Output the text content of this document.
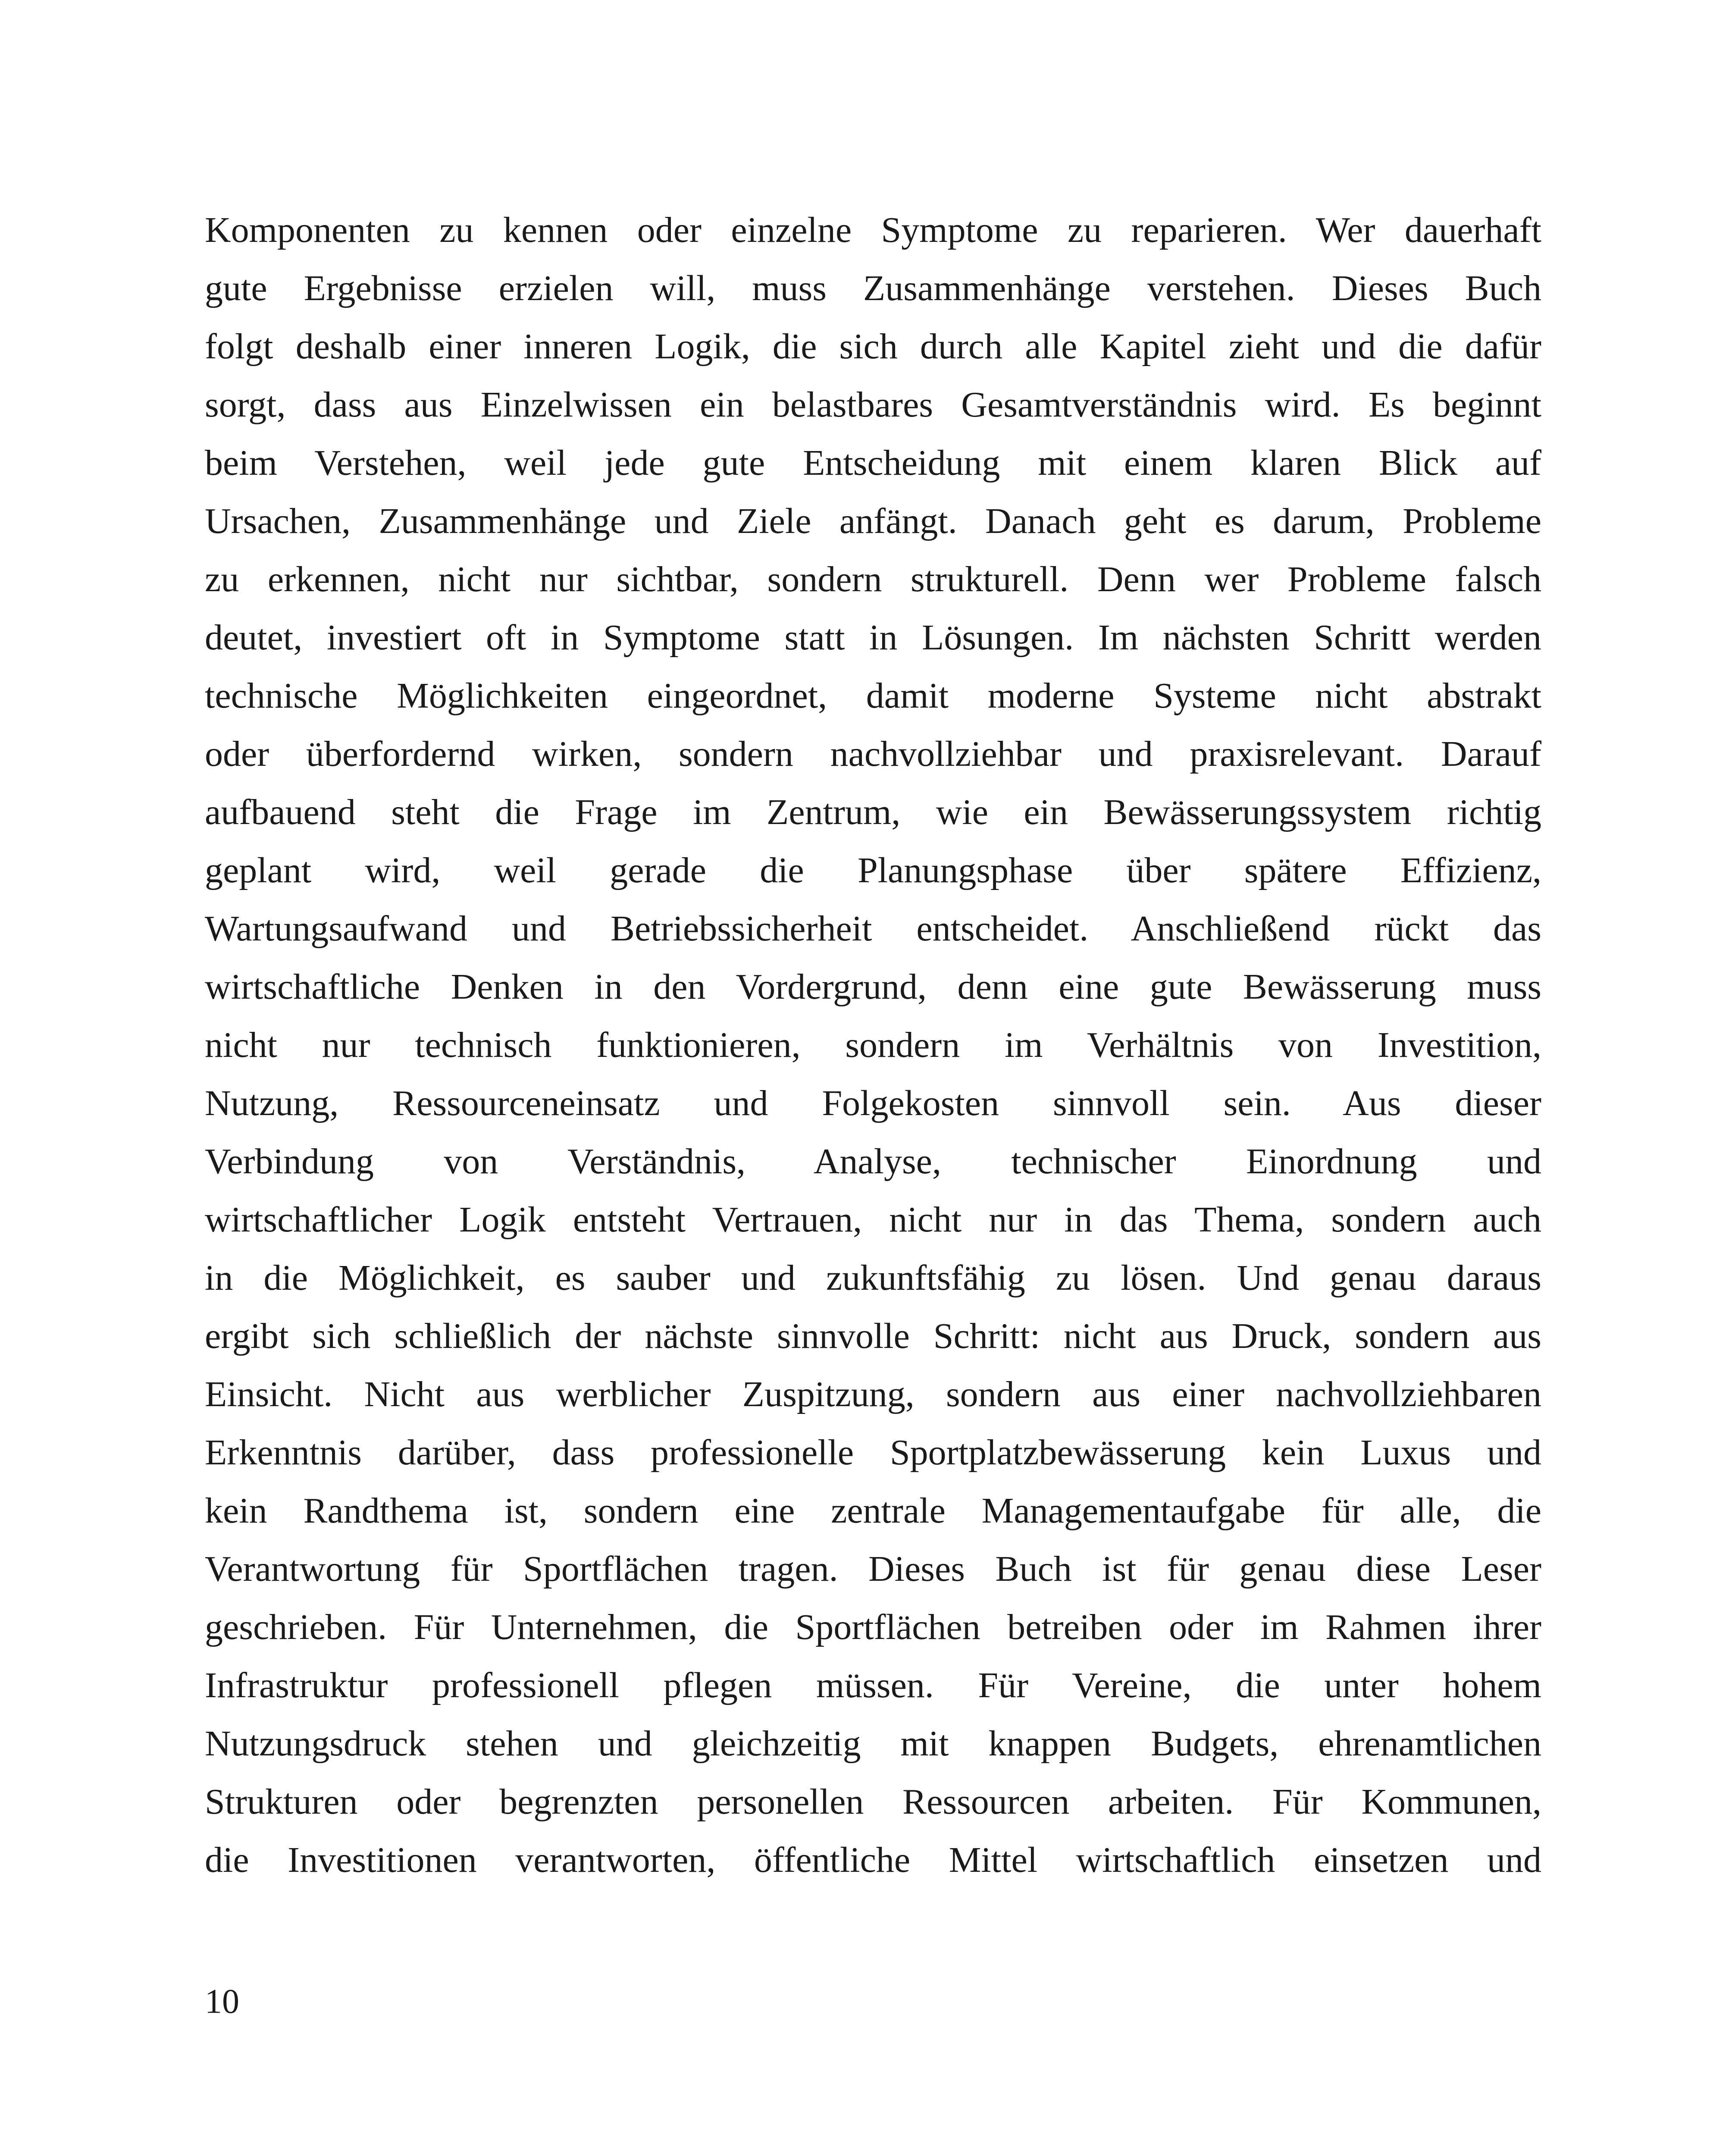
Komponenten zu kennen oder einzelne Symptome zu reparieren. Wer dauerhaft
gute Ergebnisse erzielen will, muss Zusammenhänge verstehen. Dieses Buch
folgt deshalb einer inneren Logik, die sich durch alle Kapitel zieht und die dafür
sorgt, dass aus Einzelwissen ein belastbares Gesamtverständnis wird. Es beginnt
beim Verstehen, weil jede gute Entscheidung mit einem klaren Blick auf
Ursachen, Zusammenhänge und Ziele anfängt. Danach geht es darum, Probleme
zu erkennen, nicht nur sichtbar, sondern strukturell. Denn wer Probleme falsch
deutet, investiert oft in Symptome statt in Lösungen. Im nächsten Schritt werden
technische Möglichkeiten eingeordnet, damit moderne Systeme nicht abstrakt
oder überfordernd wirken, sondern nachvollziehbar und praxisrelevant. Darauf
aufbauend steht die Frage im Zentrum, wie ein Bewässerungssystem richtig
geplant wird, weil gerade die Planungsphase über spätere Effizienz,
Wartungsaufwand und Betriebssicherheit entscheidet. Anschließend rückt das
wirtschaftliche Denken in den Vordergrund, denn eine gute Bewässerung muss
nicht nur technisch funktionieren, sondern im Verhältnis von Investition,
Nutzung, Ressourceneinsatz und Folgekosten sinnvoll sein. Aus dieser
Verbindung von Verständnis, Analyse, technischer Einordnung und
wirtschaftlicher Logik entsteht Vertrauen, nicht nur in das Thema, sondern auch
in die Möglichkeit, es sauber und zukunftsfähig zu lösen. Und genau daraus
ergibt sich schließlich der nächste sinnvolle Schritt: nicht aus Druck, sondern aus
Einsicht. Nicht aus werblicher Zuspitzung, sondern aus einer nachvollziehbaren
Erkenntnis darüber, dass professionelle Sportplatzbewässerung kein Luxus und
kein Randthema ist, sondern eine zentrale Managementaufgabe für alle, die
Verantwortung für Sportflächen tragen. Dieses Buch ist für genau diese Leser
geschrieben. Für Unternehmen, die Sportflächen betreiben oder im Rahmen ihrer
Infrastruktur professionell pflegen müssen. Für Vereine, die unter hohem
Nutzungsdruck stehen und gleichzeitig mit knappen Budgets, ehrenamtlichen
Strukturen oder begrenzten personellen Ressourcen arbeiten. Für Kommunen,
die Investitionen verantworten, öffentliche Mittel wirtschaftlich einsetzen und

10
